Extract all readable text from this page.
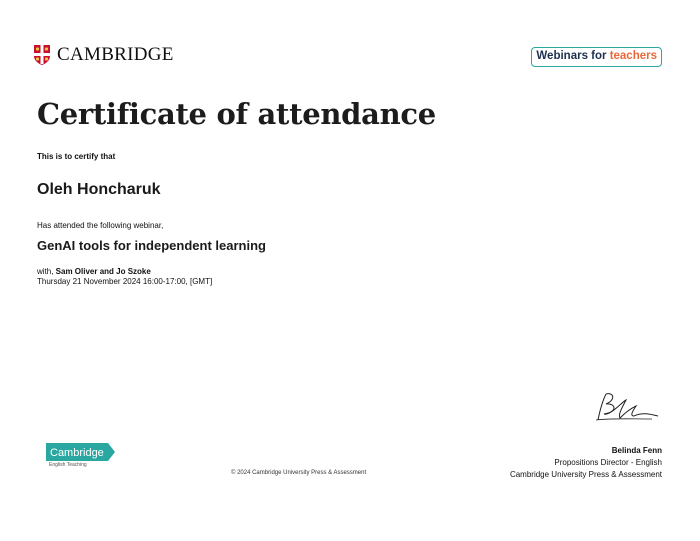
CAMBRIDGE	Webinars for teachers
Certificate of attendance
This is to certify that
Oleh Honcharuk
Has attended the following webinar,
GenAI tools for independent learning
with, Sam Oliver and Jo Szoke
Thursday 21 November 2024 16:00-17:00, [GMT]
Belinda Fenn
Propositions Director - English
Cambridge University Press & Assessment
© 2024 Cambridge University Press & Assessment
Cambridge
English Teaching
